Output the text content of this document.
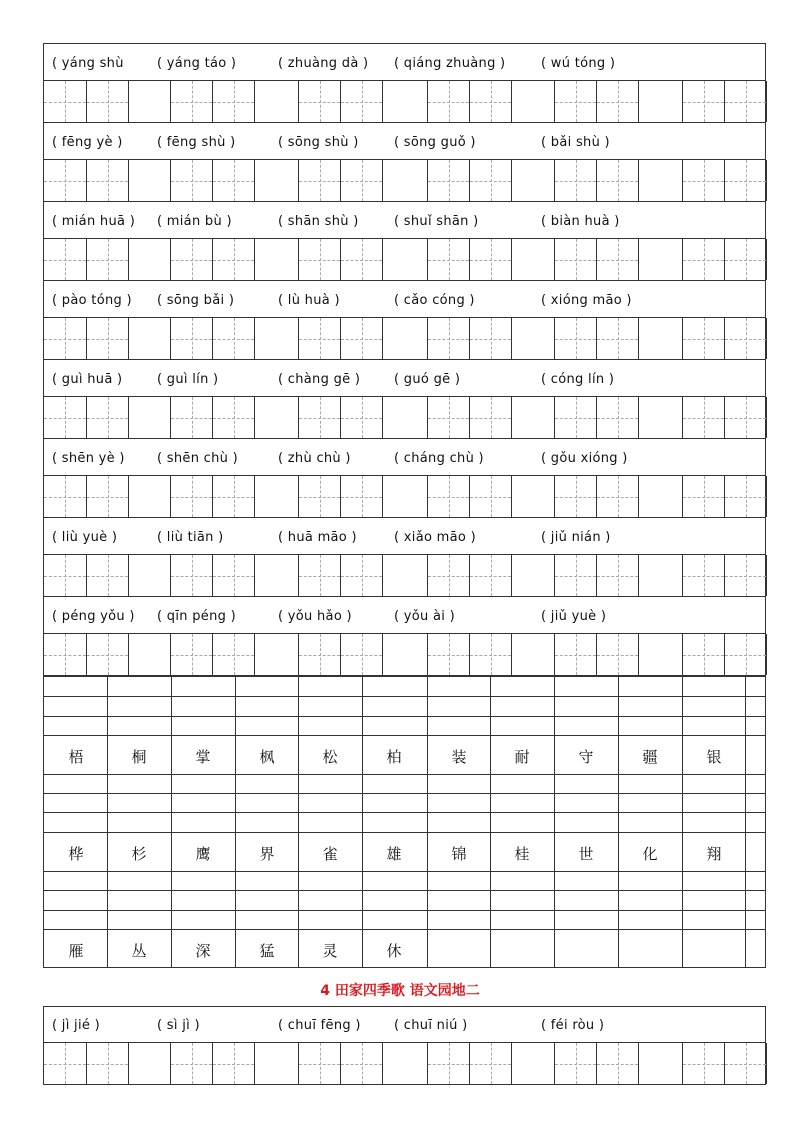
( yáng shù	( yáng táo )	( zhuàng dà ) ( qiáng zhuàng )	( wú tóng )
( fēng yè )	( fēng shù )	( sōng shù )	( sōng guǒ )	( bǎi shù )
( mián huā ) ( mián bù )	( shān shù )	( shuǐ shān )	( biàn huà )
( pào tóng ) ( sōng bǎi )	( lù huà )	( cǎo cóng )	( xióng māo )
( guì huā )	( guì lín )	( chàng gē )	( guó gē )	( cóng lín )
( shēn yè ) ( shēn chù )	( zhù chù )	( cháng chù )	( gǒu xióng )
( liù yuè )	( liù tiān )	( huā māo )	( xiǎo māo )	( jiǔ nián )
( péng yǒu ) ( qīn péng )	( yǒu hǎo )	( yǒu ài )	( jiǔ yuè )
梧	桐	掌	枫	松	柏	装	耐	守	疆	银
桦	杉	鹰	界	雀	雄	锦	桂	世	化	翔
雁	丛	深	猛	灵	休
4 田家四季歌 语文园地二
( jì jié )	( sì jì )	( chuī fēng )	( chuī niú )	( féi ròu )
